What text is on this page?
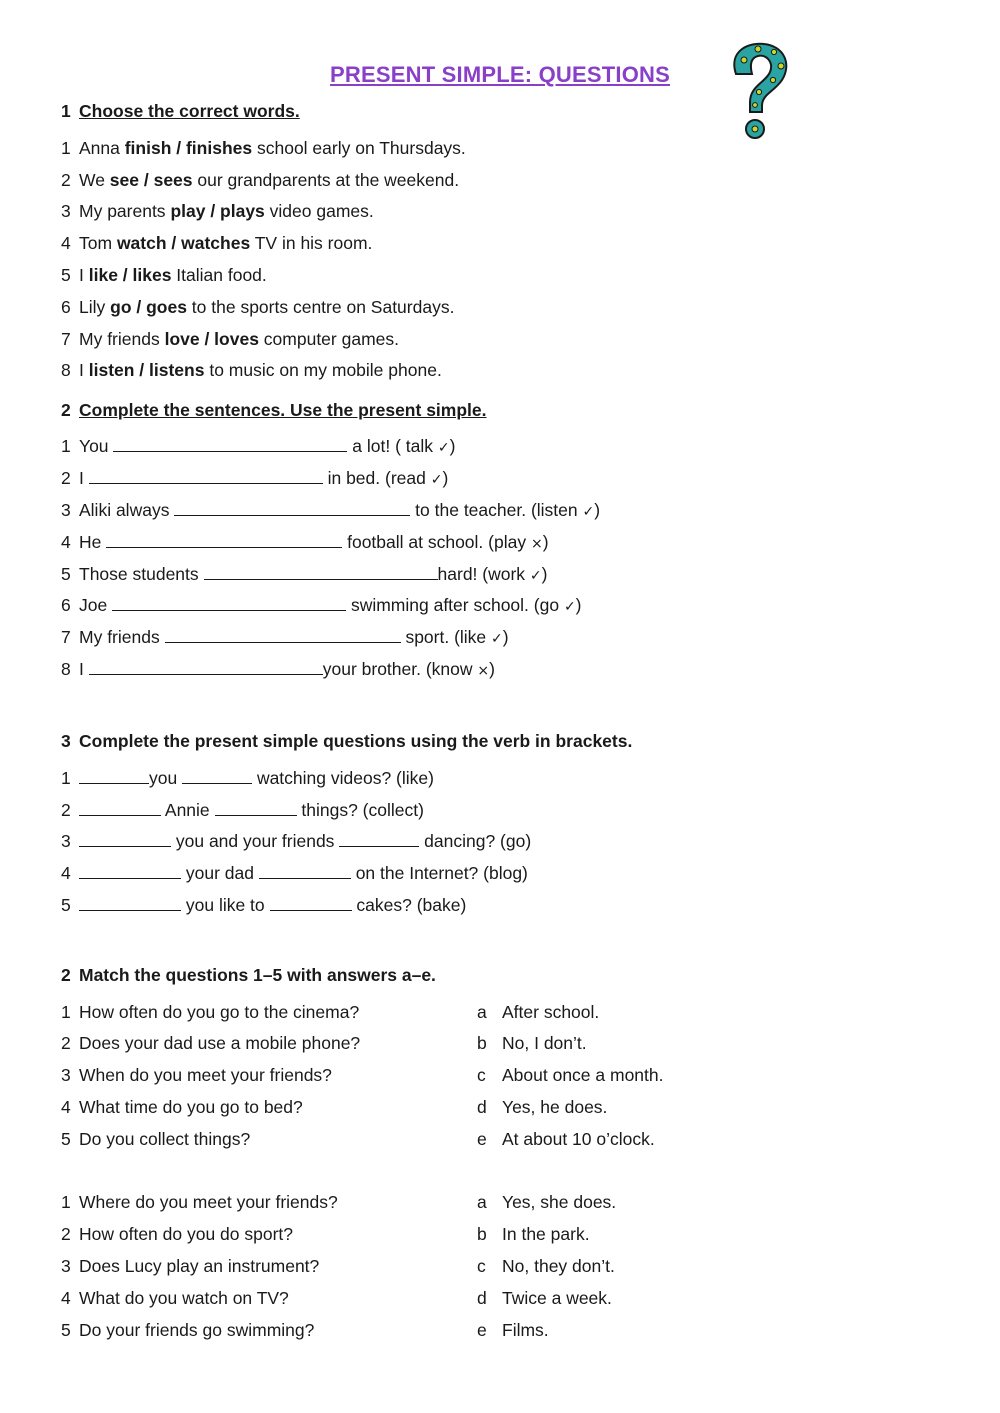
PRESENT SIMPLE: QUESTIONS
1 Choose the correct words.
1 Anna finish / finishes school early on Thursdays.
2 We see / sees our grandparents at the weekend.
3 My parents play / plays video games.
4 Tom watch / watches TV in his room.
5 I like / likes Italian food.
6 Lily go / goes to the sports centre on Saturdays.
7 My friends love / loves computer games.
8 I listen / listens to music on my mobile phone.
2 Complete the sentences. Use the present simple.
1 You	a lot! ( talk ✓)
2 I	in bed. (read ✓)
3 Aliki always	to the teacher. (listen ✓)
4 He	football at school. (play ×)
5 Those students	hard! (work ✓)
6 Joe	swimming after school. (go ✓)
7 My friends	sport. (like ✓)
8 I	your brother. (know ×)
3 Complete the present simple questions using the verb in brackets.
1	you	watching videos? (like)
2	Annie	things? (collect)
3	you and your friends	dancing? (go)
4	your dad	on the Internet? (blog)
5	you like to	cakes? (bake)
2 Match the questions 1–5 with answers a–e.
1 How often do you go to the cinema?	a After school.
2 Does your dad use a mobile phone?	b No, I don’t.
3 When do you meet your friends?	c About once a month.
4 What time do you go to bed?	d Yes, he does.
5 Do you collect things?	e At about 10 o’clock.
1 Where do you meet your friends?	a Yes, she does.
2 How often do you do sport?	b In the park.
3 Does Lucy play an instrument?	c No, they don’t.
4 What do you watch on TV?	d Twice a week.
5 Do your friends go swimming?	e Films.
